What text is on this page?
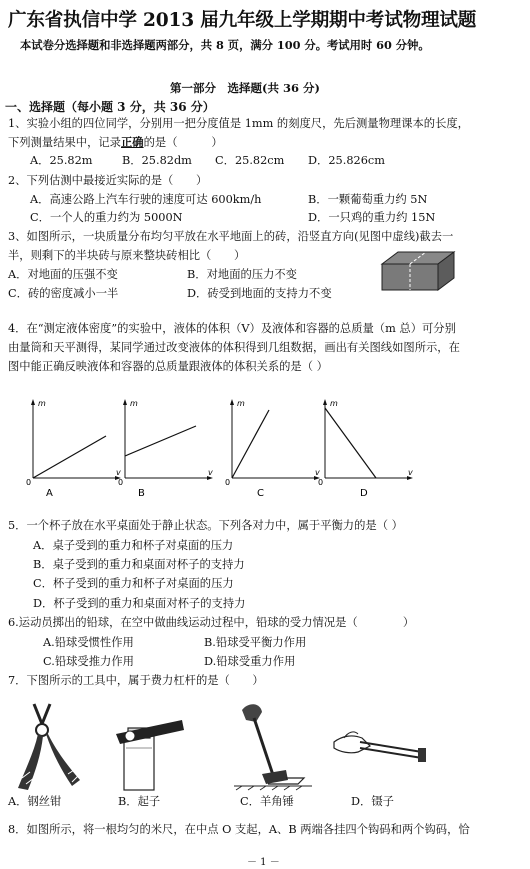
广东省执信中学 2013 届九年级上学期期中考试物理试题
本试卷分选择题和非选择题两部分，共 8 页，满分 100 分。考试用时 60 分钟。
第一部分　选择题(共 36 分)
一、选择题（每小题 3 分，共 36 分）
1、实验小组的四位同学，分别用一把分度值是 1mm 的刻度尺，先后测量物理课本的长度，
下列测量结果中，记录正确的是（　　　）
A．25.82m	B．25.82dm C．25.82cm D．25.826cm
2、下列估测中最接近实际的是（　　）
A．高速公路上汽车行驶的速度可达 600km/h	B．一颗葡萄重力约 5N
C．一个人的重力约为 5000N	D．一只鸡的重力约 15N
3、如图所示，一块质量分布均匀平放在水平地面上的砖，沿竖直方向(见图中虚线)截去一
半，则剩下的半块砖与原来整块砖相比（　　）
A．对地面的压强不变	B．对地面的压力不变
C．砖的密度减小一半	D．砖受到地面的支持力不变
4．在“测定液体密度”的实验中，液体的体积（V）及液体和容器的总质量（m 总）可分别
由量筒和天平测得，某同学通过改变液体的体积得到几组数据，画出有关图线如图所示，在
图中能正确反映液体和容器的总质量跟液体的体积关系的是（ ）
m
v
0
A
m
v
0
B
m
v
0
C
m
v
0
D
5．一个杯子放在水平桌面处于静止状态。下列各对力中，属于平衡力的是（ ）
A．桌子受到的重力和杯子对桌面的压力
B．桌子受到的重力和桌面对杯子的支持力
C．杯子受到的重力和杯子对桌面的压力
D．杯子受到的重力和桌面对杯子的支持力
6.运动员掷出的铅球，在空中做曲线运动过程中，铅球的受力情况是（　　　　）
A.铅球受惯性作用	B.铅球受平衡力作用
C.铅球受推力作用	D.铅球受重力作用
7．下图所示的工具中，属于费力杠杆的是（　　）
A．钢丝钳	B．起子	C．羊角锤	D．镊子
8．如图所示，将一根均匀的米尺，在中点 O 支起，A、B 两端各挂四个钩码和两个钩码，恰
－ 1 －
